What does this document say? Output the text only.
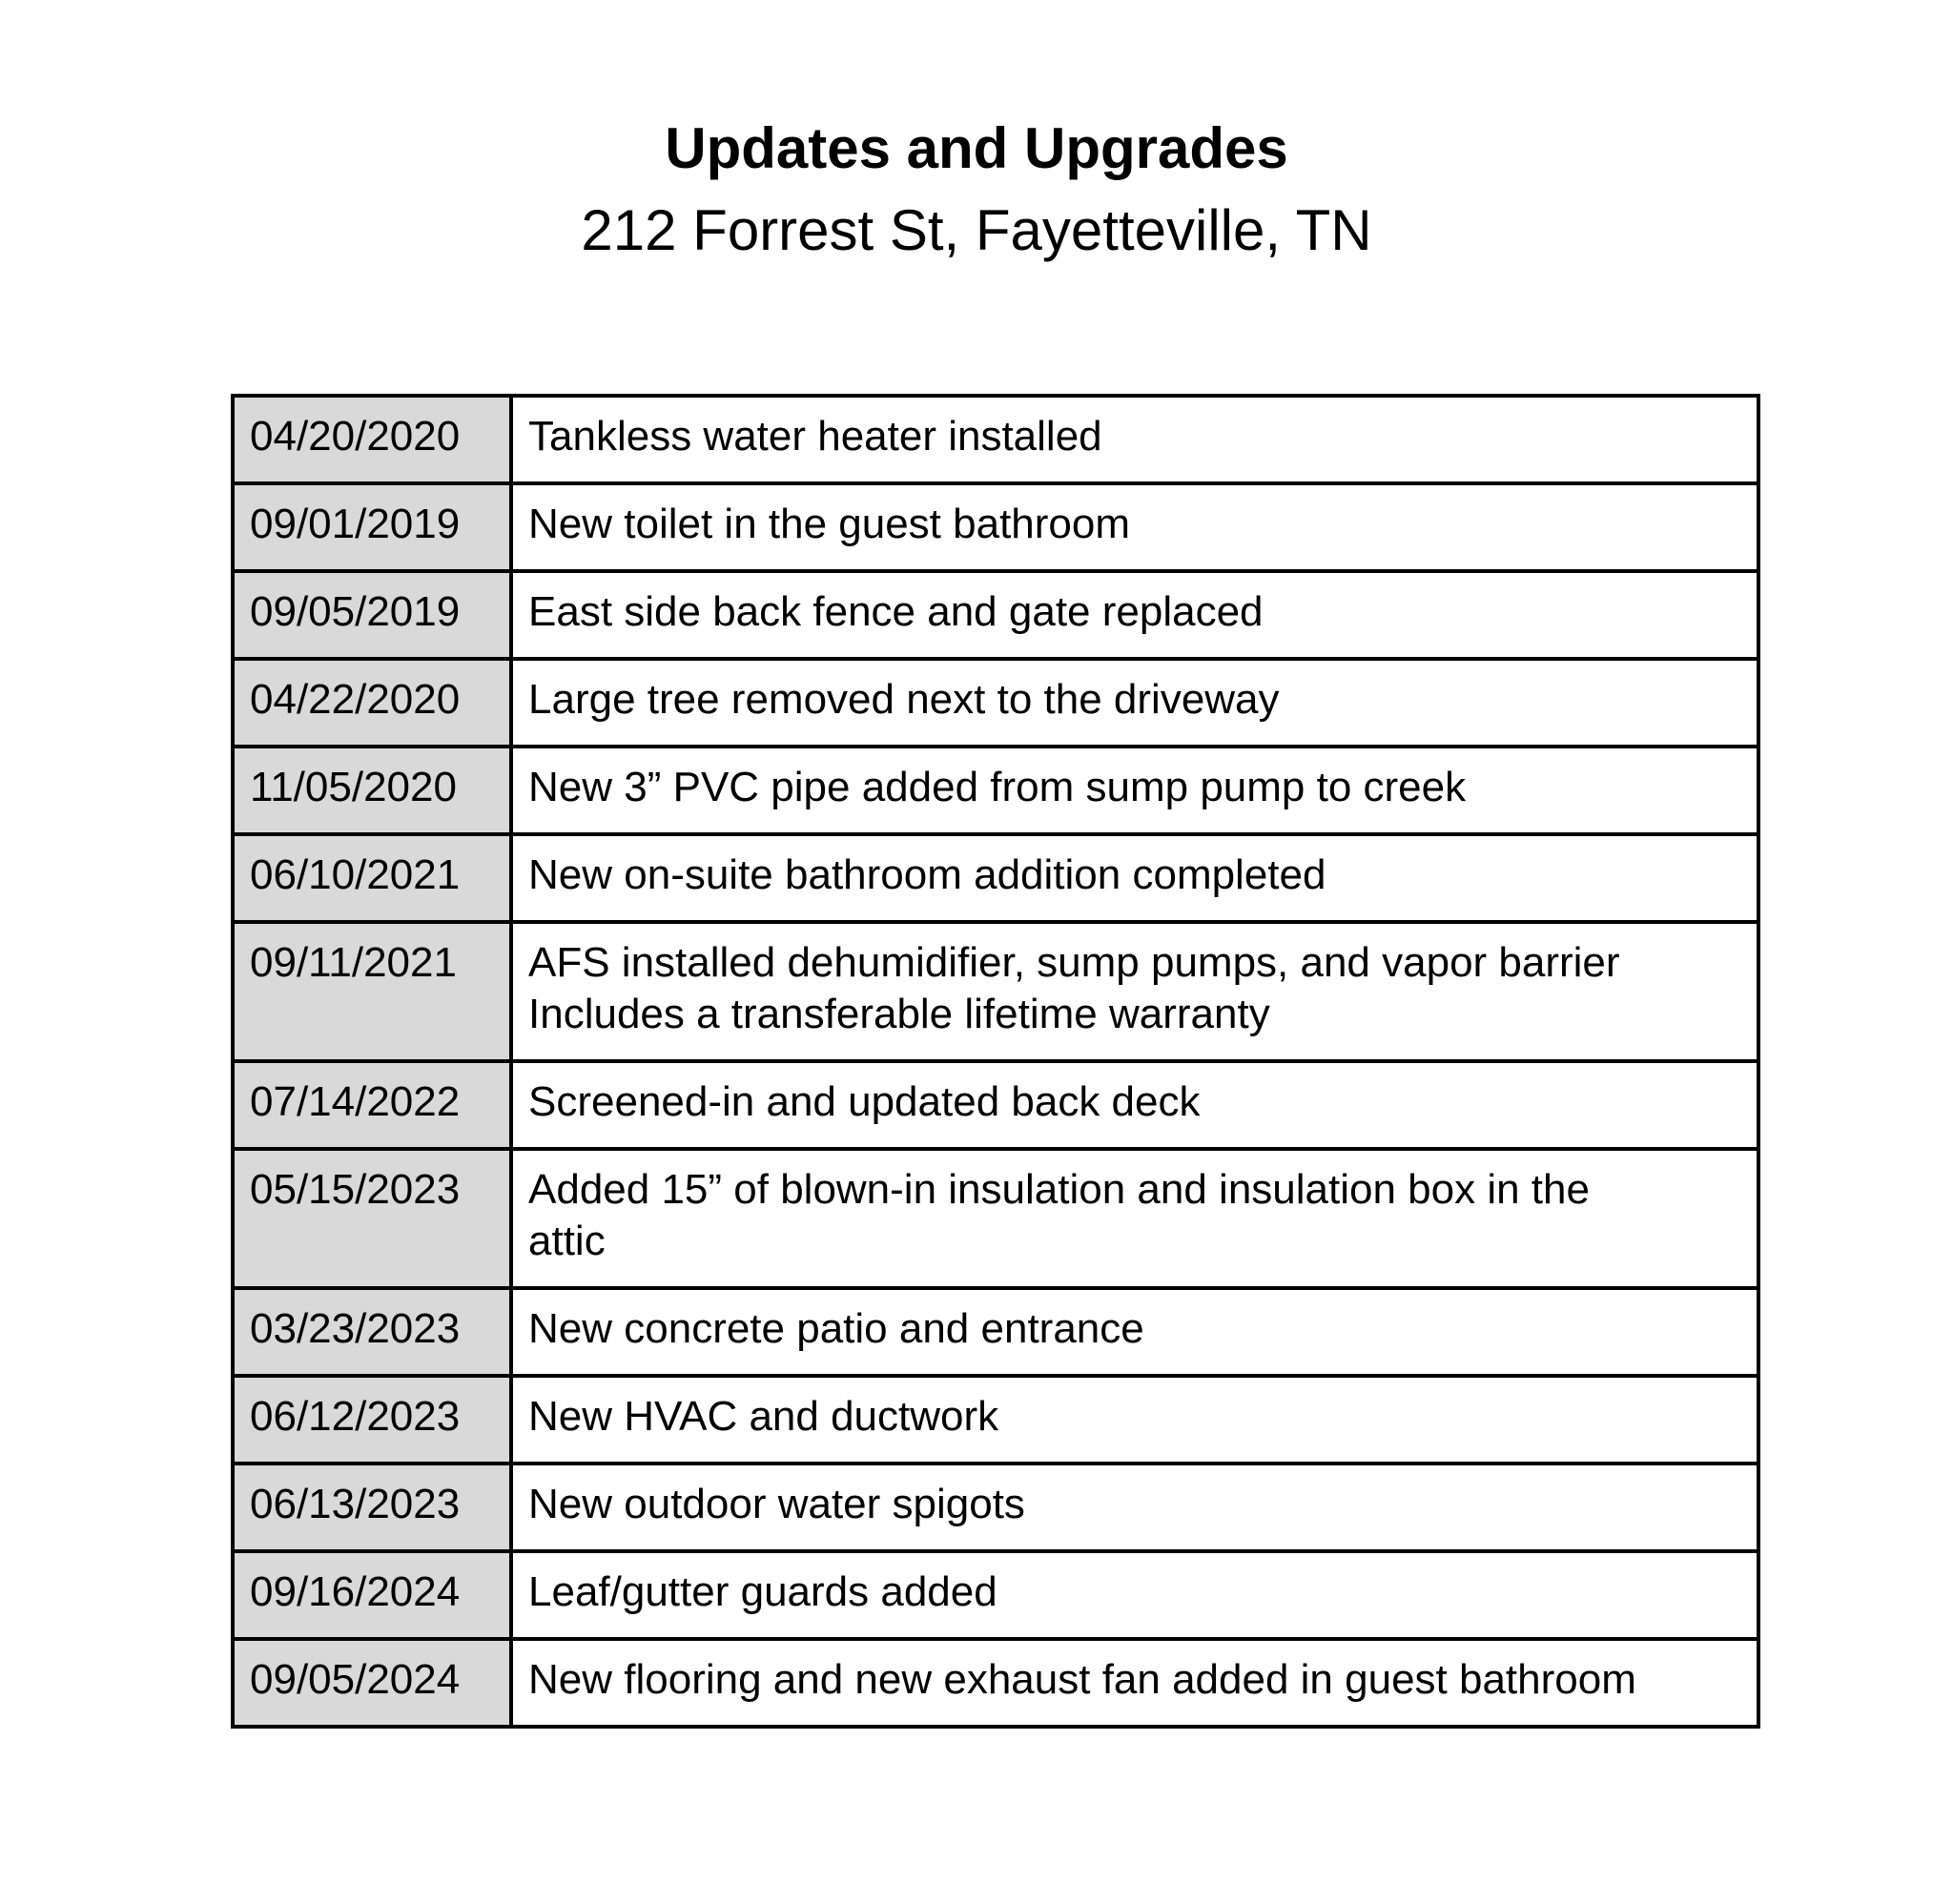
Updates and Upgrades
212 Forrest St, Fayetteville, TN
04/20/2020	Tankless water heater installed

09/01/2019	New toilet in the guest bathroom

09/05/2019	East side back fence and gate replaced

04/22/2020	Large tree removed next to the driveway

11/05/2020	New 3” PVC pipe added from sump pump to creek

06/10/2021	New on-suite bathroom addition completed

09/11/2021	AFS installed dehumidifier, sump pumps, and vapor barrier
Includes a transferable lifetime warranty

07/14/2022	Screened-in and updated back deck

05/15/2023	Added 15” of blown-in insulation and insulation box in the
attic

03/23/2023	New concrete patio and entrance

06/12/2023	New HVAC and ductwork

06/13/2023	New outdoor water spigots

09/16/2024	Leaf/gutter guards added

09/05/2024	New flooring and new exhaust fan added in guest bathroom
